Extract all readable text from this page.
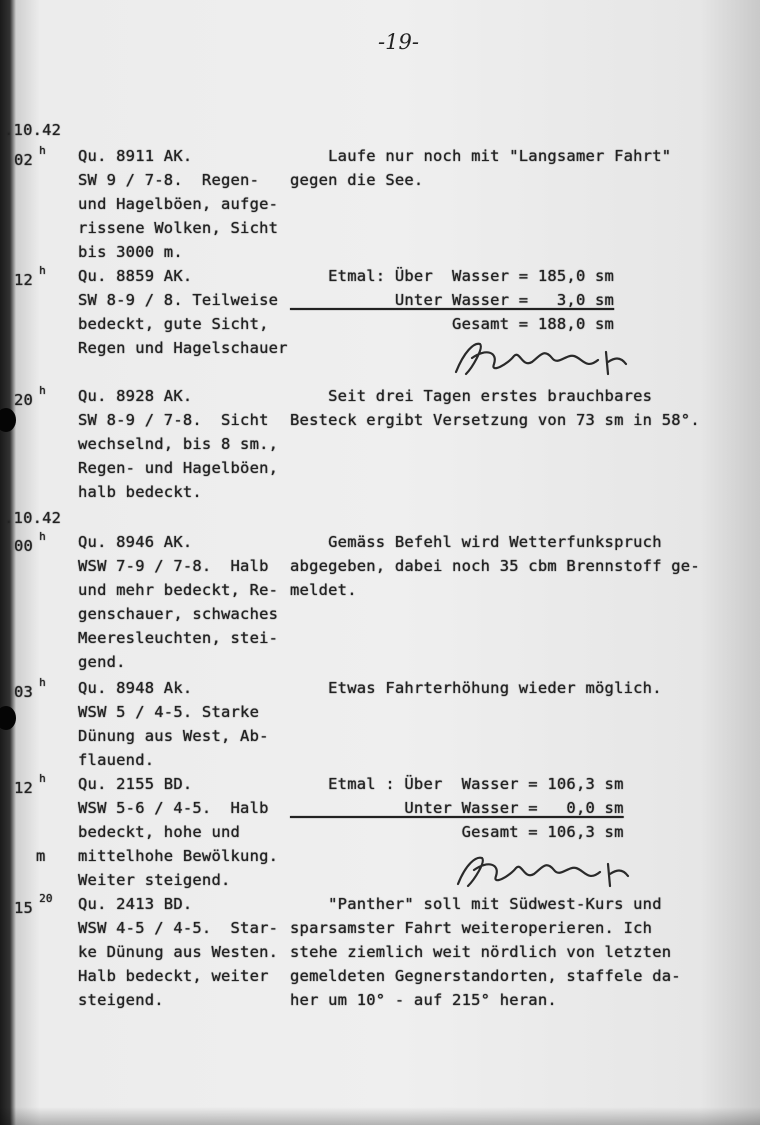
-19-
.10.42
02$^h$ Qu. 8911 AK.
SW 9 / 7-8.  Regen-
und Hagelböen, aufge-
rissene Wolken, Sicht
bis 3000 m.
Laufe nur noch mit "Langsamer Fahrt"
gegen die See.
12$^h$ Qu. 8859 AK.
SW 8-9 / 8. Teilweise
bedeckt, gute Sicht,
Regen und Hagelschauer
Etmal: Über  Wasser = 185,0 sm
Unter Wasser =   3,0 sm
Gesamt = 188,0 sm
20$^h$ Qu. 8928 AK.
SW 8-9 / 7-8.  Sicht
wechselnd, bis 8 sm.,
Regen- und Hagelböen,
halb bedeckt.
Seit drei Tagen erstes brauchbares
Besteck ergibt Versetzung von 73 sm in 58°.
.10.42
00$^h$ Qu. 8946 AK.
WSW 7-9 / 7-8.  Halb
und mehr bedeckt, Re-
genschauer, schwaches
Meeresleuchten, stei-
gend.
Gemäss Befehl wird Wetterfunkspruch
abgegeben, dabei noch 35 cbm Brennstoff ge-
meldet.
03$^h$ Qu. 8948 Ak.
WSW 5 / 4-5. Starke
Dünung aus West, Ab-
flauend.
Etwas Fahrterhöhung wieder möglich.
12$^h$
m
Qu. 2155 BD.
WSW 5-6 / 4-5.  Halb
bedeckt, hohe und
mittelhohe Bewölkung.
Weiter steigend.
Etmal : Über  Wasser = 106,3 sm
Unter Wasser =   0,0 sm
Gesamt = 106,3 sm
$15^{20}$ Qu. 2413 BD.
WSW 4-5 / 4-5.  Star-
ke Dünung aus Westen.
Halb bedeckt, weiter
steigend.
"Panther" soll mit Südwest-Kurs und
sparsamster Fahrt weiteroperieren. Ich
stehe ziemlich weit nördlich von letzten
gemeldeten Gegnerstandorten, staffele da-
her um 10° - auf 215° heran.
